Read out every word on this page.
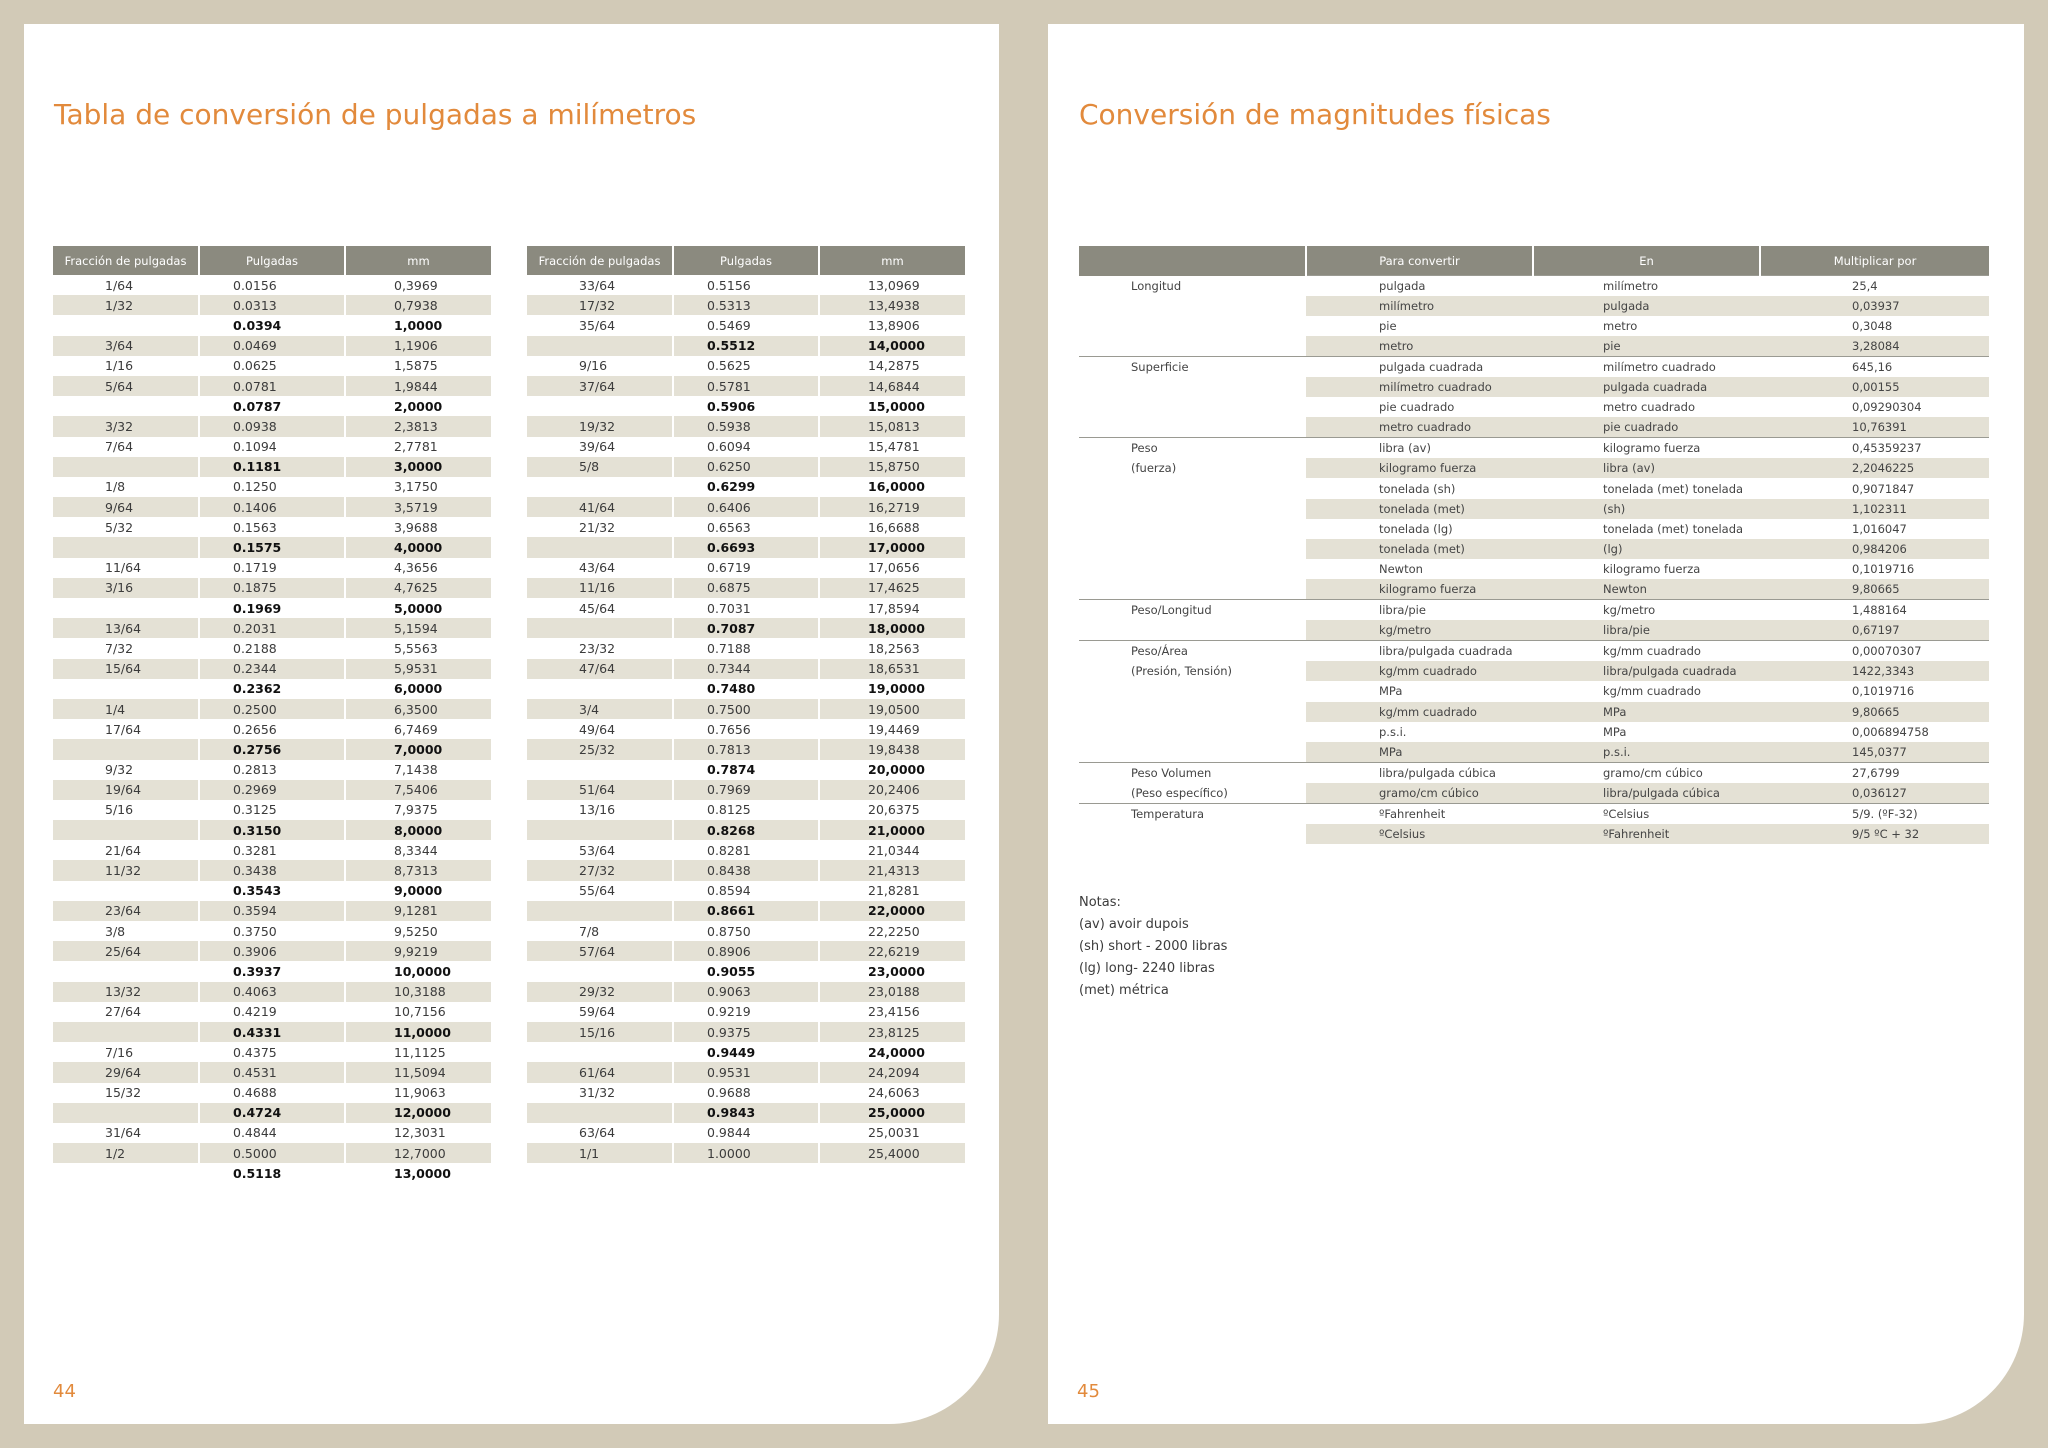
Tabla de conversión de pulgadas a milímetros
Fracción de pulgadas	Pulgadas	mm
1/64	0.0156	0,3969
1/32	0.0313	0,7938
	0.0394	1,0000
3/64	0.0469	1,1906
1/16	0.0625	1,5875
5/64	0.0781	1,9844
	0.0787	2,0000
3/32	0.0938	2,3813
7/64	0.1094	2,7781
	0.1181	3,0000
1/8	0.1250	3,1750
9/64	0.1406	3,5719
5/32	0.1563	3,9688
	0.1575	4,0000
11/64	0.1719	4,3656
3/16	0.1875	4,7625
	0.1969	5,0000
13/64	0.2031	5,1594
7/32	0.2188	5,5563
15/64	0.2344	5,9531
	0.2362	6,0000
1/4	0.2500	6,3500
17/64	0.2656	6,7469
	0.2756	7,0000
9/32	0.2813	7,1438
19/64	0.2969	7,5406
5/16	0.3125	7,9375
	0.3150	8,0000
21/64	0.3281	8,3344
11/32	0.3438	8,7313
	0.3543	9,0000
23/64	0.3594	9,1281
3/8	0.3750	9,5250
25/64	0.3906	9,9219
	0.3937	10,0000
13/32	0.4063	10,3188
27/64	0.4219	10,7156
	0.4331	11,0000
7/16	0.4375	11,1125
29/64	0.4531	11,5094
15/32	0.4688	11,9063
	0.4724	12,0000
31/64	0.4844	12,3031
1/2	0.5000	12,7000
	0.5118	13,0000
Fracción de pulgadas	Pulgadas	mm
33/64	0.5156	13,0969
17/32	0.5313	13,4938
35/64	0.5469	13,8906
	0.5512	14,0000
9/16	0.5625	14,2875
37/64	0.5781	14,6844
	0.5906	15,0000
19/32	0.5938	15,0813
39/64	0.6094	15,4781
5/8	0.6250	15,8750
	0.6299	16,0000
41/64	0.6406	16,2719
21/32	0.6563	16,6688
	0.6693	17,0000
43/64	0.6719	17,0656
11/16	0.6875	17,4625
45/64	0.7031	17,8594
	0.7087	18,0000
23/32	0.7188	18,2563
47/64	0.7344	18,6531
	0.7480	19,0000
3/4	0.7500	19,0500
49/64	0.7656	19,4469
25/32	0.7813	19,8438
	0.7874	20,0000
51/64	0.7969	20,2406
13/16	0.8125	20,6375
	0.8268	21,0000
53/64	0.8281	21,0344
27/32	0.8438	21,4313
55/64	0.8594	21,8281
	0.8661	22,0000
7/8	0.8750	22,2250
57/64	0.8906	22,6219
	0.9055	23,0000
29/32	0.9063	23,0188
59/64	0.9219	23,4156
15/16	0.9375	23,8125
	0.9449	24,0000
61/64	0.9531	24,2094
31/32	0.9688	24,6063
	0.9843	25,0000
63/64	0.9844	25,0031
1/1	1.0000	25,4000
44
Conversión de magnitudes físicas
	Para convertir	En	Multiplicar por
Longitud	pulgada	milímetro	25,4
	milímetro	pulgada	0,03937
	pie	metro	0,3048
	metro	pie	3,28084
Superficie	pulgada cuadrada	milímetro cuadrado	645,16
	milímetro cuadrado	pulgada cuadrada	0,00155
	pie cuadrado	metro cuadrado	0,09290304
	metro cuadrado	pie cuadrado	10,76391
Peso	libra (av)	kilogramo fuerza	0,45359237
(fuerza)	kilogramo fuerza	libra (av)	2,2046225
	tonelada (sh)	tonelada (met) tonelada	0,9071847
	tonelada (met)	(sh)	1,102311
	tonelada (lg)	tonelada (met) tonelada	1,016047
	tonelada (met)	(lg)	0,984206
	Newton	kilogramo fuerza	0,1019716
	kilogramo fuerza	Newton	9,80665
Peso/Longitud	libra/pie	kg/metro	1,488164
	kg/metro	libra/pie	0,67197
Peso/Área	libra/pulgada cuadrada	kg/mm cuadrado	0,00070307
(Presión, Tensión)	kg/mm cuadrado	libra/pulgada cuadrada	1422,3343
	MPa	kg/mm cuadrado	0,1019716
	kg/mm cuadrado	MPa	9,80665
	p.s.i.	MPa	0,006894758
	MPa	p.s.i.	145,0377
Peso Volumen	libra/pulgada cúbica	gramo/cm cúbico	27,6799
(Peso específico)	gramo/cm cúbico	libra/pulgada cúbica	0,036127
Temperatura	ºFahrenheit	ºCelsius	5/9. (ºF-32)
	ºCelsius	ºFahrenheit	9/5 ºC + 32
Notas:
(av) avoir dupois
(sh) short - 2000 libras
(lg) long- 2240 libras
(met) métrica
45
